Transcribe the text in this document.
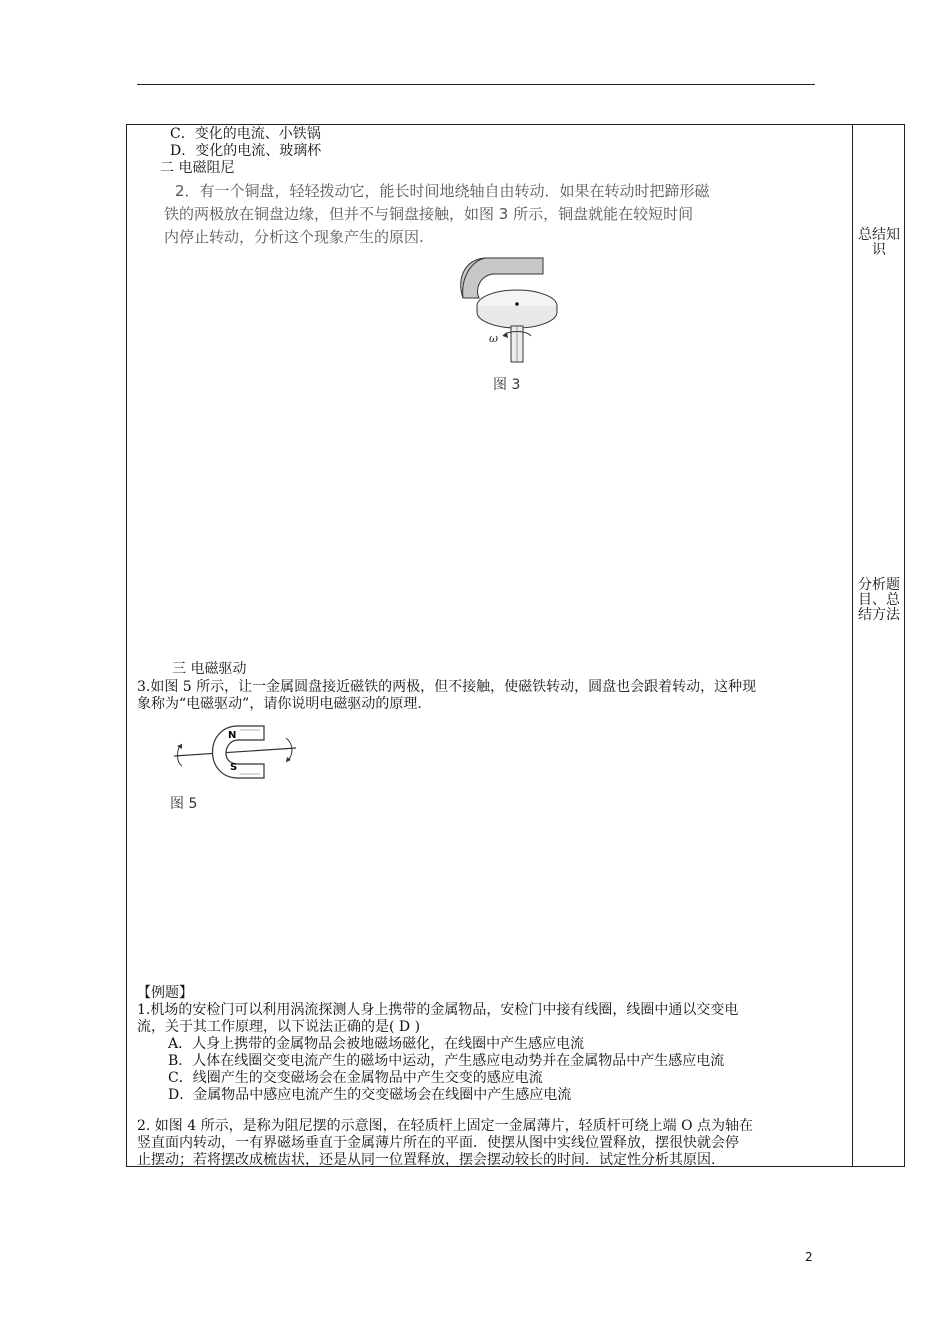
C．变化的电流、小铁锅
D．变化的电流、玻璃杯
二 电磁阻尼
2．有一个铜盘，轻轻拨动它，能长时间地绕轴自由转动．如果在转动时把蹄形磁
铁的两极放在铜盘边缘，但并不与铜盘接触，如图 3 所示，铜盘就能在较短时间
内停止转动，分析这个现象产生的原因.
ω
图 3
总结知识
分析题目、总结方法
三 电磁驱动
3.如图 5 所示，让一金属圆盘接近磁铁的两极，但不接触，使磁铁转动，圆盘也会跟着转动，这种现
象称为“电磁驱动”，请你说明电磁驱动的原理.
N
S
图 5
【例题】
1.机场的安检门可以利用涡流探测人身上携带的金属物品，安检门中接有线圈，线圈中通以交变电
流，关于其工作原理，以下说法正确的是( D )
A．人身上携带的金属物品会被地磁场磁化，在线圈中产生感应电流
B．人体在线圈交变电流产生的磁场中运动，产生感应电动势并在金属物品中产生感应电流
C．线圈产生的交变磁场会在金属物品中产生交变的感应电流
D．金属物品中感应电流产生的交变磁场会在线圈中产生感应电流
2. 如图 4 所示，是称为阻尼摆的示意图，在轻质杆上固定一金属薄片，轻质杆可绕上端 O 点为轴在
竖直面内转动，一有界磁场垂直于金属薄片所在的平面．使摆从图中实线位置释放，摆很快就会停
止摆动；若将摆改成梳齿状，还是从同一位置释放，摆会摆动较长的时间．试定性分析其原因.
2
